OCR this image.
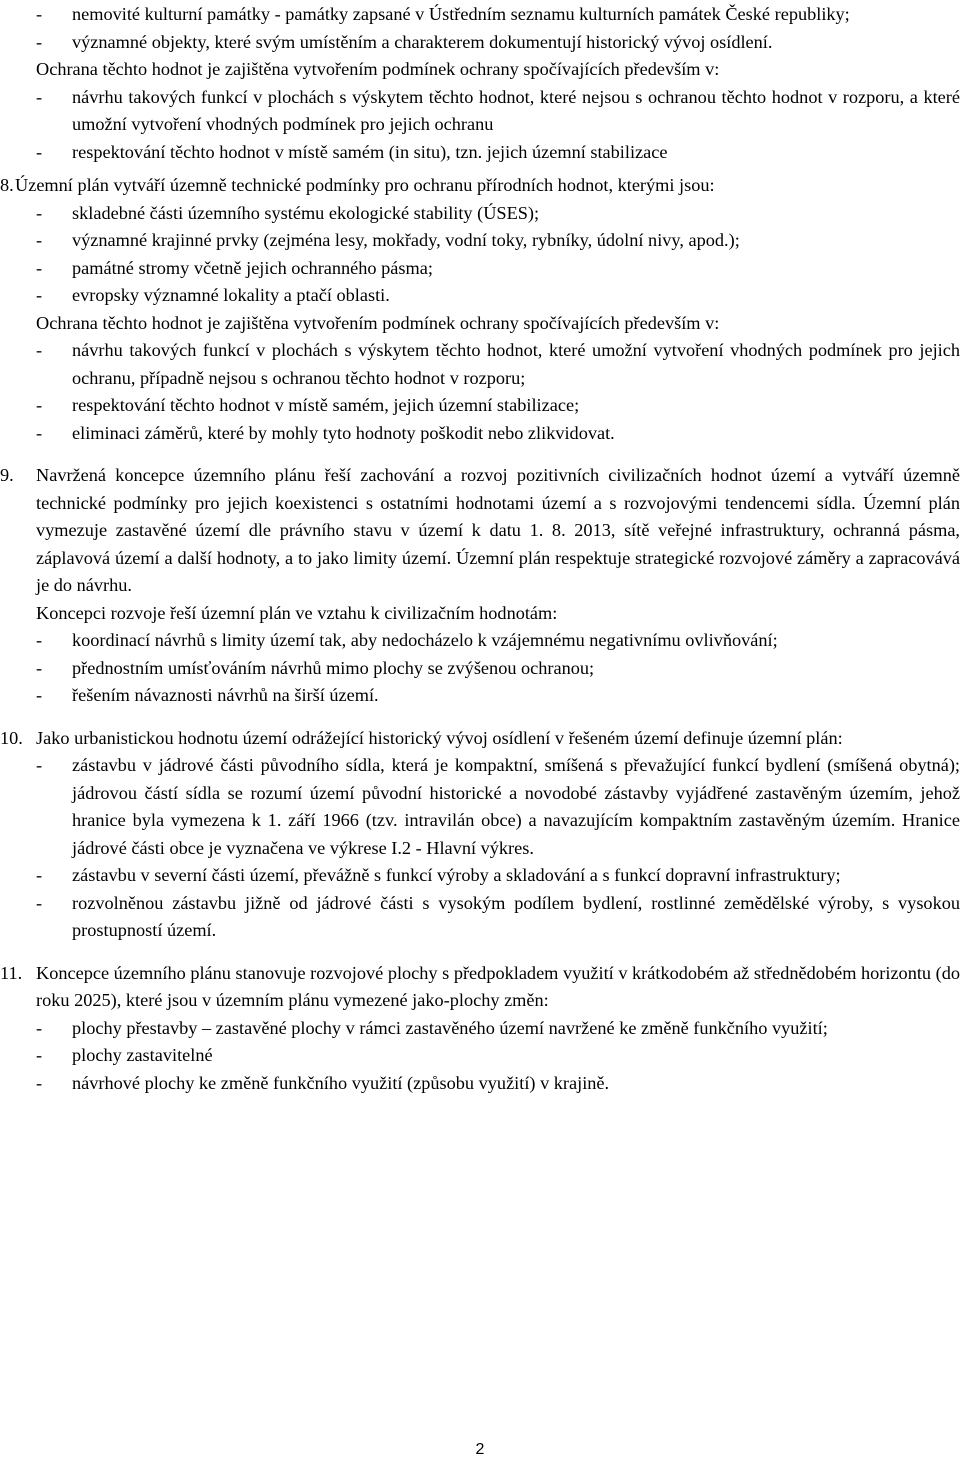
- nemovité kulturní památky - památky zapsané v Ústředním seznamu kulturních památek České republiky;

- významné objekty, které svým umístěním a charakterem dokumentují historický vývoj osídlení.

Ochrana těchto hodnot je zajištěna vytvořením podmínek ochrany spočívajících především v:

- návrhu takových funkcí v plochách s výskytem těchto hodnot, které nejsou s ochranou těchto hodnot v rozporu, a které umožní vytvoření vhodných podmínek pro jejich ochranu

- respektování těchto hodnot v místě samém (in situ), tzn. jejich územní stabilizace

8. Územní plán vytváří územně technické podmínky pro ochranu přírodních hodnot, kterými jsou:

- skladebné části územního systému ekologické stability (ÚSES);

- významné krajinné prvky (zejména lesy, mokřady, vodní toky, rybníky, údolní nivy, apod.);

- památné stromy včetně jejich ochranného pásma;

- evropsky významné lokality a ptačí oblasti.

Ochrana těchto hodnot je zajištěna vytvořením podmínek ochrany spočívajících především v:

- návrhu takových funkcí v plochách s výskytem těchto hodnot, které umožní vytvoření vhodných podmínek pro jejich ochranu, případně nejsou s ochranou těchto hodnot v rozporu;

- respektování těchto hodnot v místě samém, jejich územní stabilizace;

- eliminaci záměrů, které by mohly tyto hodnoty poškodit nebo zlikvidovat.

9.	Navržená koncepce územního plánu řeší zachování a rozvoj pozitivních civilizačních hodnot území a vytváří územně technické podmínky pro jejich koexistenci s ostatními hodnotami území a s rozvojovými tendencemi sídla. Územní plán vymezuje zastavěné území dle právního stavu v území k datu 1. 8. 2013, sítě veřejné infrastruktury, ochranná pásma, záplavová území a další hodnoty, a to jako limity území. Územní plán respektuje strategické rozvojové záměry a zapracovává je do návrhu.

Koncepci rozvoje řeší územní plán ve vztahu k civilizačním hodnotám:

- koordinací návrhů s limity území tak, aby nedocházelo k vzájemnému negativnímu ovlivňování;

- přednostním umísťováním návrhů mimo plochy se zvýšenou ochranou;

- řešením návaznosti návrhů na širší území.

10. Jako urbanistickou hodnotu území odrážející historický vývoj osídlení v řešeném území definuje územní plán:

- zástavbu v jádrové části původního sídla, která je kompaktní, smíšená s převažující funkcí bydlení (smíšená obytná); jádrovou částí sídla se rozumí území původní historické a novodobé zástavby vyjádřené zastavěným územím, jehož hranice byla vymezena k 1. září 1966 (tzv. intravilán obce) a navazujícím kompaktním zastavěným územím. Hranice jádrové části obce je vyznačena ve výkrese I.2 - Hlavní výkres.

- zástavbu v severní části území, převážně s funkcí výroby a skladování a s funkcí dopravní infrastruktury;

- rozvolněnou zástavbu jižně od jádrové části s vysokým podílem bydlení, rostlinné zemědělské výroby, s vysokou prostupností území.

11. Koncepce územního plánu stanovuje rozvojové plochy s předpokladem využití v krátkodobém až střednědobém horizontu (do roku 2025), které jsou v územním plánu vymezené jako-plochy změn:

- plochy přestavby – zastavěné plochy v rámci zastavěného území navržené ke změně funkčního využití;

- plochy zastavitelné

- návrhové plochy ke změně funkčního využití (způsobu využití) v krajině.

2
